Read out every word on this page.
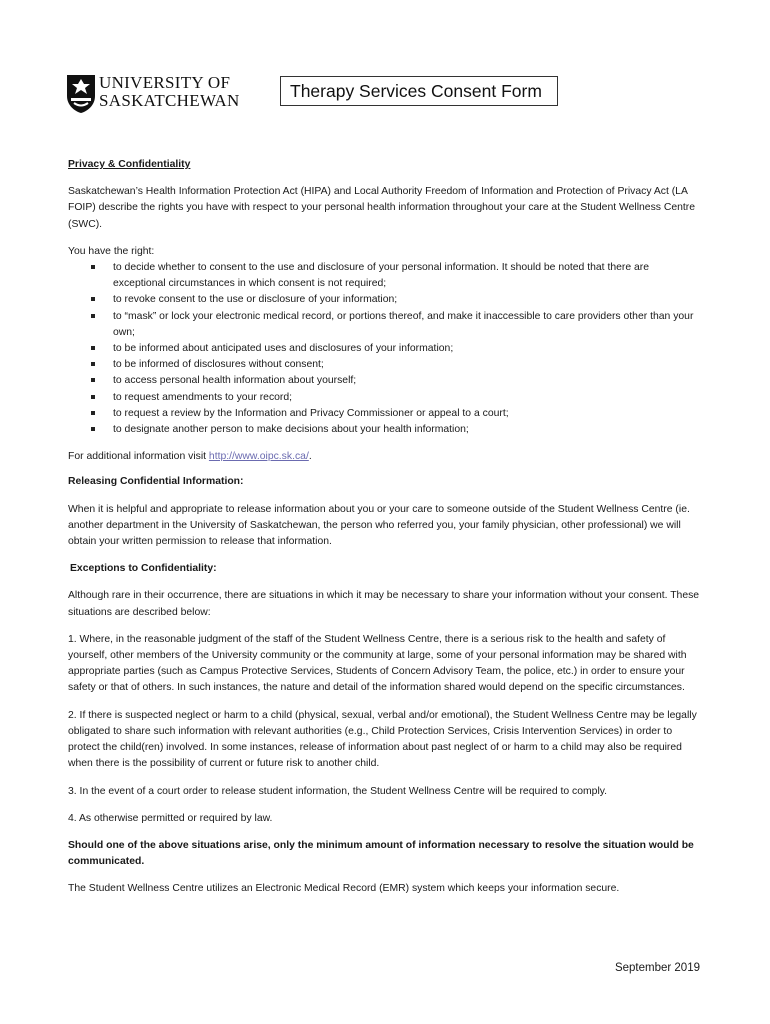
UNIVERSITY OF
SASKATCHEWAN	Therapy Services Consent Form

Privacy & Confidentiality

Saskatchewan’s Health Information Protection Act (HIPA) and Local Authority Freedom of Information and Protection of Privacy Act (LA FOIP) describe the rights you have with respect to your personal health information throughout your care at the Student Wellness Centre (SWC).

You have the right:

to decide whether to consent to the use and disclosure of your personal information. It should be noted that there are exceptional circumstances in which consent is not required;
to revoke consent to the use or disclosure of your information;
to “mask” or lock your electronic medical record, or portions thereof, and make it inaccessible to care providers other than your own;
to be informed about anticipated uses and disclosures of your information;
to be informed of disclosures without consent;
to access personal health information about yourself;
to request amendments to your record;
to request a review by the Information and Privacy Commissioner or appeal to a court;
to designate another person to make decisions about your health information;

For additional information visit http://www.oipc.sk.ca/.

Releasing Confidential Information:

When it is helpful and appropriate to release information about you or your care to someone outside of the Student Wellness Centre (ie. another department in the University of Saskatchewan, the person who referred you, your family physician, other professional) we will obtain your written permission to release that information.

Exceptions to Confidentiality:

Although rare in their occurrence, there are situations in which it may be necessary to share your information without your consent. These situations are described below:

1. Where, in the reasonable judgment of the staff of the Student Wellness Centre, there is a serious risk to the health and safety of yourself, other members of the University community or the community at large, some of your personal information may be shared with appropriate parties (such as Campus Protective Services, Students of Concern Advisory Team, the police, etc.) in order to ensure your safety or that of others. In such instances, the nature and detail of the information shared would depend on the specific circumstances.

2. If there is suspected neglect or harm to a child (physical, sexual, verbal and/or emotional), the Student Wellness Centre may be legally obligated to share such information with relevant authorities (e.g., Child Protection Services, Crisis Intervention Services) in order to protect the child(ren) involved. In some instances, release of information about past neglect of or harm to a child may also be required when there is the possibility of current or future risk to another child.

3. In the event of a court order to release student information, the Student Wellness Centre will be required to comply.

4. As otherwise permitted or required by law.

Should one of the above situations arise, only the minimum amount of information necessary to resolve the situation would be communicated.

The Student Wellness Centre utilizes an Electronic Medical Record (EMR) system which keeps your information secure.

September 2019
